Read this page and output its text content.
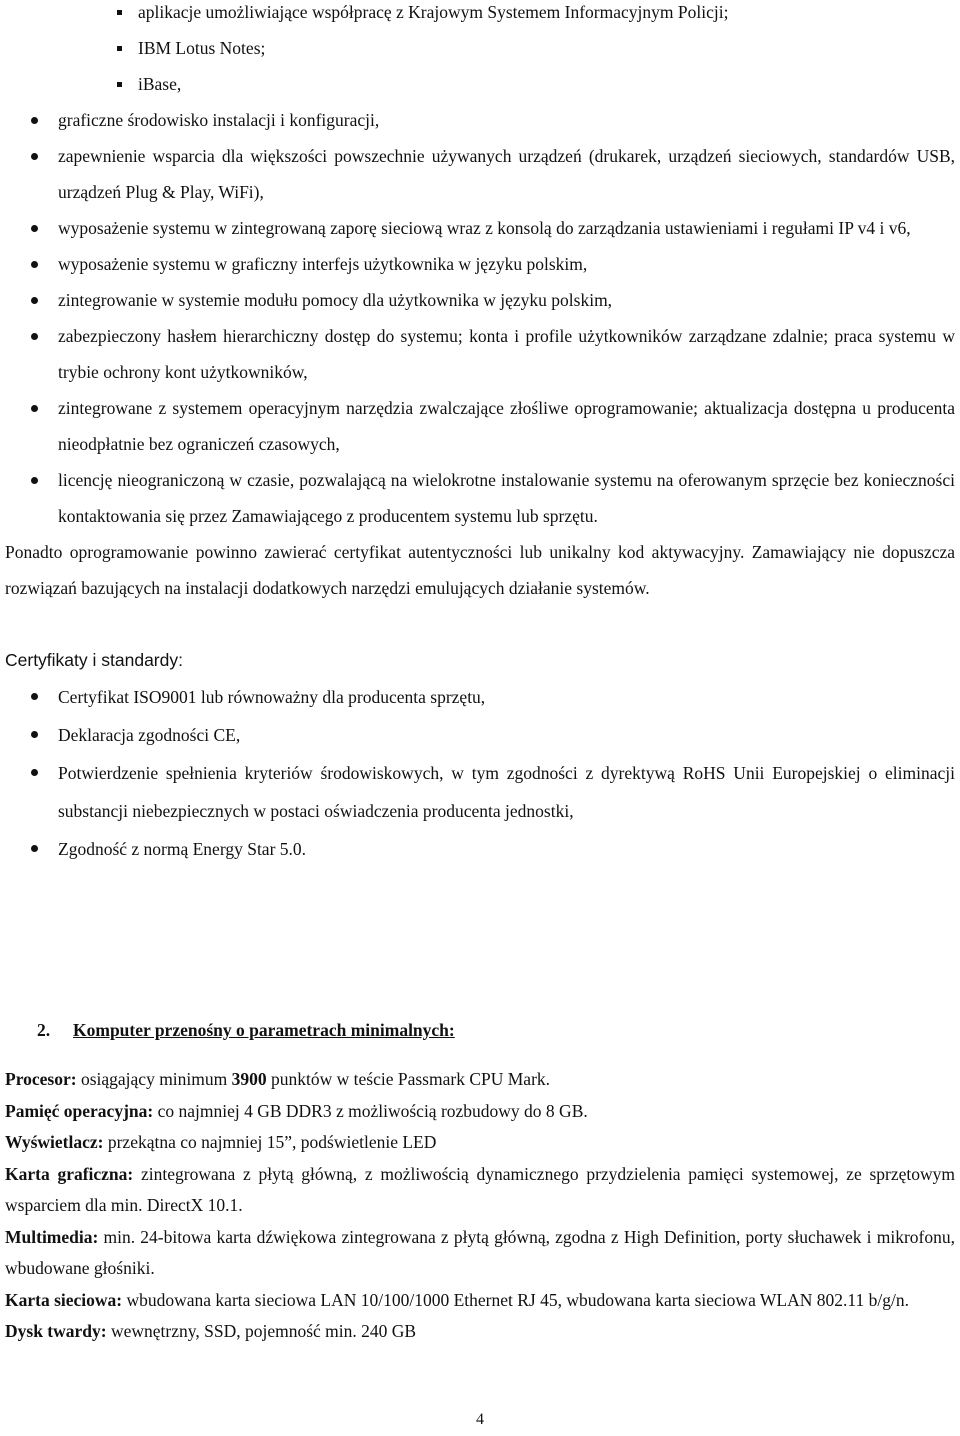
aplikacje umożliwiające współpracę z Krajowym Systemem Informacyjnym Policji;
IBM Lotus Notes;
iBase,
graficzne środowisko instalacji i konfiguracji,
zapewnienie wsparcia dla większości powszechnie używanych urządzeń (drukarek, urządzeń sieciowych, standardów USB, urządzeń Plug & Play, WiFi),
wyposażenie systemu w zintegrowaną zaporę sieciową wraz z konsolą do zarządzania ustawieniami i regułami IP v4 i v6,
wyposażenie systemu w graficzny interfejs użytkownika w języku polskim,
zintegrowanie w systemie modułu pomocy dla użytkownika w języku polskim,
zabezpieczony hasłem hierarchiczny dostęp do systemu; konta i profile użytkowników zarządzane zdalnie; praca systemu w trybie ochrony kont użytkowników,
zintegrowane z systemem operacyjnym narzędzia zwalczające złośliwe oprogramowanie; aktualizacja dostępna u producenta nieodpłatnie bez ograniczeń czasowych,
licencję nieograniczoną w czasie, pozwalającą na wielokrotne instalowanie systemu na oferowanym sprzęcie bez konieczności kontaktowania się przez Zamawiającego z producentem systemu lub sprzętu.

Ponadto oprogramowanie powinno zawierać certyfikat autentyczności lub unikalny kod aktywacyjny. Zamawiający nie dopuszcza rozwiązań bazujących na instalacji dodatkowych narzędzi emulujących działanie systemów.

Certyfikaty i standardy:

Certyfikat ISO9001 lub równoważny dla producenta sprzętu,
Deklaracja zgodności CE,
Potwierdzenie spełnienia kryteriów środowiskowych, w tym zgodności z dyrektywą RoHS Unii Europejskiej o eliminacji substancji niebezpiecznych w postaci oświadczenia producenta jednostki,
Zgodność z normą Energy Star 5.0.
2. Komputer przenośny o parametrach minimalnych:

Procesor: osiągający minimum 3900 punktów w teście Passmark CPU Mark.

Pamięć operacyjna: co najmniej 4 GB DDR3 z możliwością rozbudowy do 8 GB.

Wyświetlacz: przekątna co najmniej 15”, podświetlenie LED

Karta graficzna: zintegrowana z płytą główną, z możliwością dynamicznego przydzielenia pamięci systemowej, ze sprzętowym wsparciem dla min. DirectX 10.1.

Multimedia: min. 24-bitowa karta dźwiękowa zintegrowana z płytą główną, zgodna z High Definition, porty słuchawek i mikrofonu, wbudowane głośniki.

Karta sieciowa: wbudowana karta sieciowa LAN 10/100/1000 Ethernet RJ 45, wbudowana karta sieciowa WLAN 802.11 b/g/n.

Dysk twardy: wewnętrzny, SSD, pojemność min. 240 GB

4
